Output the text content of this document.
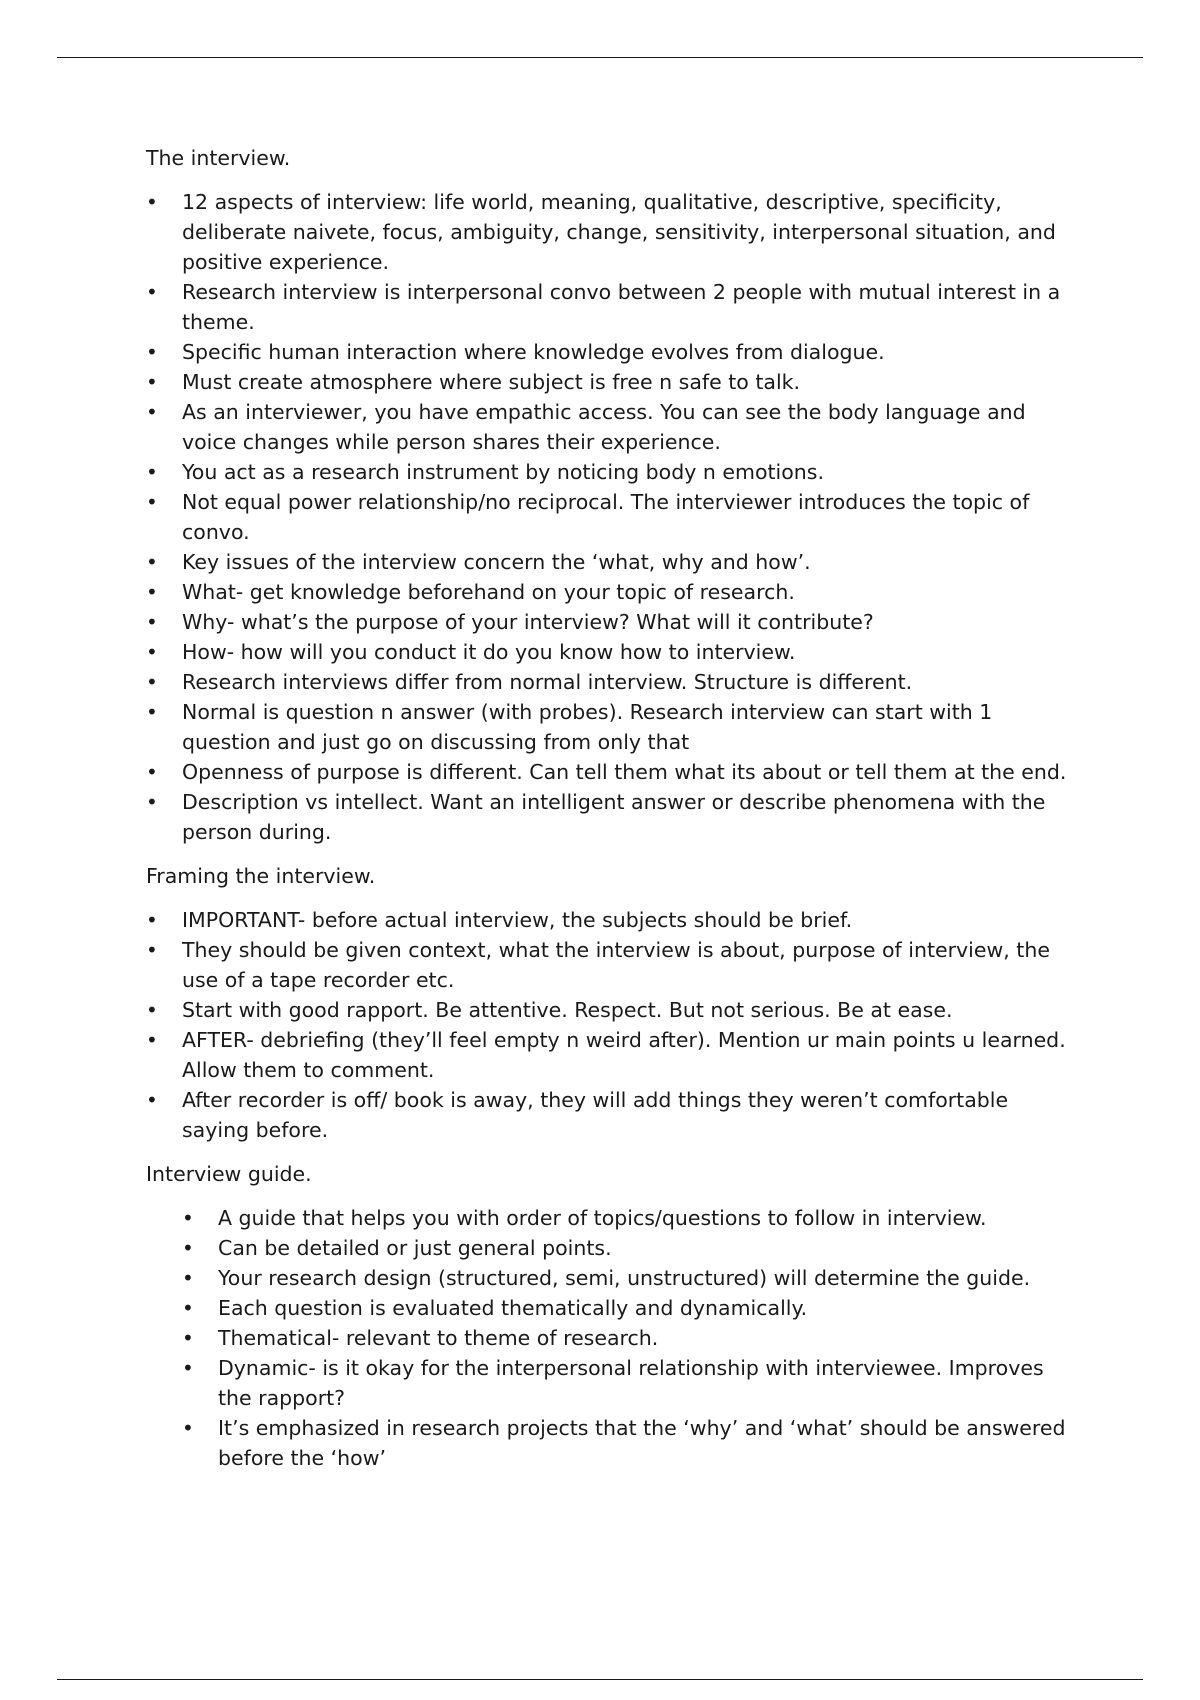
The interview.

• 12 aspects of interview: life world, meaning, qualitative, descriptive, specificity, deliberate naivete, focus, ambiguity, change, sensitivity, interpersonal situation, and positive experience.
• Research interview is interpersonal convo between 2 people with mutual interest in a theme.
• Specific human interaction where knowledge evolves from dialogue.
• Must create atmosphere where subject is free n safe to talk.
• As an interviewer, you have empathic access. You can see the body language and voice changes while person shares their experience.
• You act as a research instrument by noticing body n emotions.
• Not equal power relationship/no reciprocal. The interviewer introduces the topic of convo.
• Key issues of the interview concern the ‘what, why and how’.
• What- get knowledge beforehand on your topic of research.
• Why- what’s the purpose of your interview? What will it contribute?
• How- how will you conduct it do you know how to interview.
• Research interviews differ from normal interview. Structure is different.
• Normal is question n answer (with probes). Research interview can start with 1 question and just go on discussing from only that
• Openness of purpose is different. Can tell them what its about or tell them at the end.
• Description vs intellect. Want an intelligent answer or describe phenomena with the person during.

Framing the interview.

• IMPORTANT- before actual interview, the subjects should be brief.
• They should be given context, what the interview is about, purpose of interview, the use of a tape recorder etc.
• Start with good rapport. Be attentive. Respect. But not serious. Be at ease.
• AFTER- debriefing (they’ll feel empty n weird after). Mention ur main points u learned. Allow them to comment.
• After recorder is off/ book is away, they will add things they weren’t comfortable saying before.

Interview guide.

• A guide that helps you with order of topics/questions to follow in interview.
• Can be detailed or just general points.
• Your research design (structured, semi, unstructured) will determine the guide.
• Each question is evaluated thematically and dynamically.
• Thematical- relevant to theme of research.
• Dynamic- is it okay for the interpersonal relationship with interviewee. Improves the rapport?
• It’s emphasized in research projects that the ‘why’ and ‘what’ should be answered before the ‘how’
